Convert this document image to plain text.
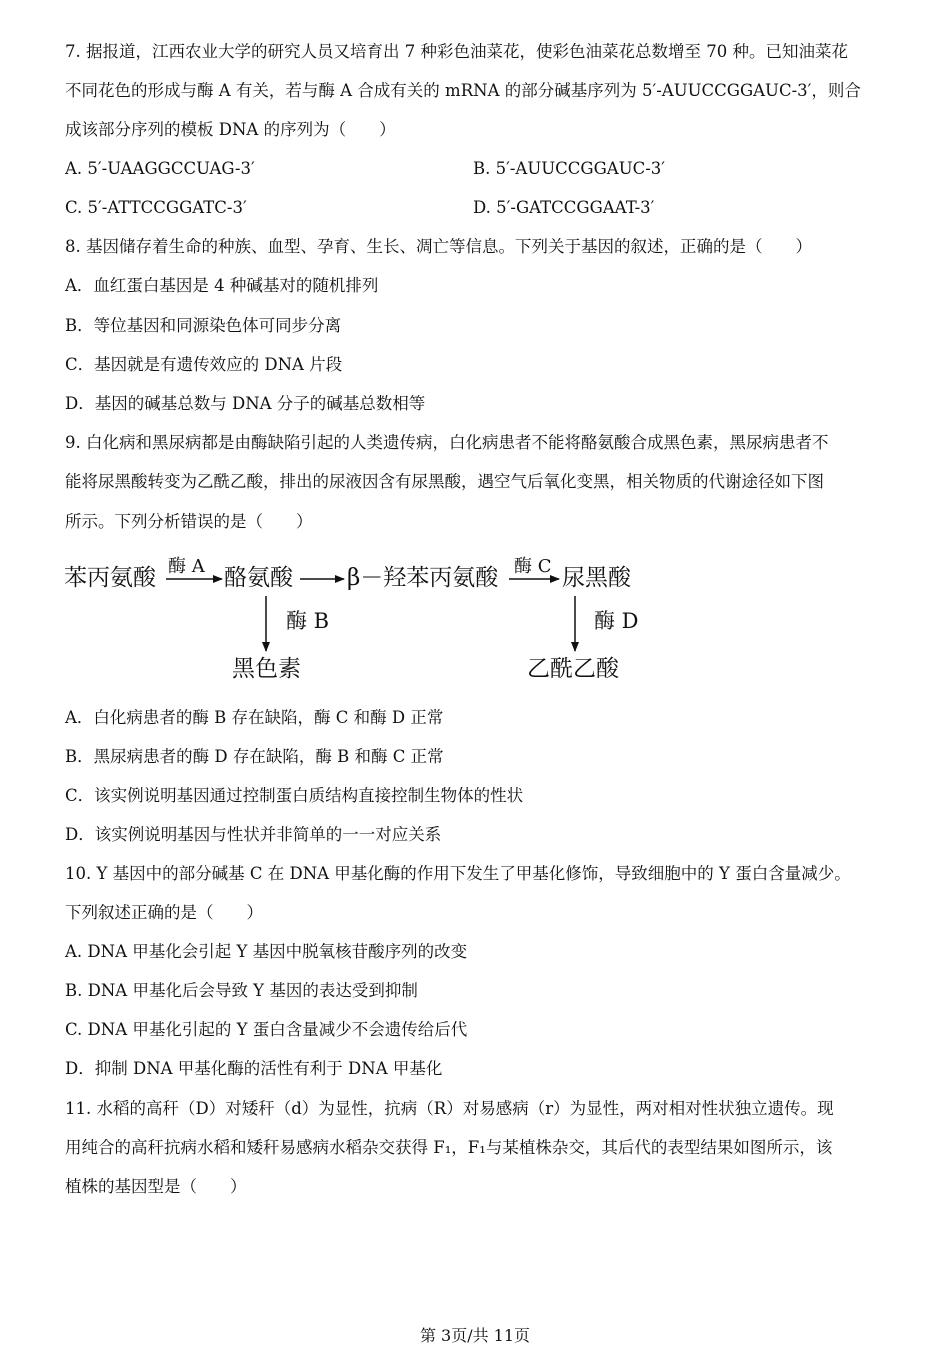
7. 据报道，江西农业大学的研究人员又培育出 7 种彩色油菜花，使彩色油菜花总数增至 70 种。已知油菜花
不同花色的形成与酶 A 有关，若与酶 A 合成有关的 mRNA 的部分碱基序列为 5′-AUUCCGGAUC-3′，则合
成该部分序列的模板 DNA 的序列为（　　）
A. 5′-UAAGGCCUAG-3′	B. 5′-AUUCCGGAUC-3′
C. 5′-ATTCCGGATC-3′	D. 5′-GATCCGGAAT-3′
8. 基因储存着生命的种族、血型、孕育、生长、凋亡等信息。下列关于基因的叙述，正确的是（　　）
A．血红蛋白基因是 4 种碱基对的随机排列
B．等位基因和同源染色体可同步分离
C．基因就是有遗传效应的 DNA 片段
D．基因的碱基总数与 DNA 分子的碱基总数相等
9. 白化病和黑尿病都是由酶缺陷引起的人类遗传病，白化病患者不能将酪氨酸合成黑色素，黑尿病患者不
能将尿黑酸转变为乙酰乙酸，排出的尿液因含有尿黑酸，遇空气后氧化变黑，相关物质的代谢途径如下图
所示。下列分析错误的是（　　）
苯丙氨酸 酶 A 酪氨酸 β－羟苯丙氨酸 酶 C 尿黑酸
酶 B
黑色素
酶 D
乙酰乙酸
A．白化病患者的酶 B 存在缺陷，酶 C 和酶 D 正常
B．黑尿病患者的酶 D 存在缺陷，酶 B 和酶 C 正常
C．该实例说明基因通过控制蛋白质结构直接控制生物体的性状
D．该实例说明基因与性状并非简单的一一对应关系
10. Y 基因中的部分碱基 C 在 DNA 甲基化酶的作用下发生了甲基化修饰，导致细胞中的 Y 蛋白含量减少。
下列叙述正确的是（　　）
A. DNA 甲基化会引起 Y 基因中脱氧核苷酸序列的改变
B. DNA 甲基化后会导致 Y 基因的表达受到抑制
C. DNA 甲基化引起的 Y 蛋白含量减少不会遗传给后代
D．抑制 DNA 甲基化酶的活性有利于 DNA 甲基化
11. 水稻的高秆（D）对矮秆（d）为显性，抗病（R）对易感病（r）为显性，两对相对性状独立遗传。现
用纯合的高秆抗病水稻和矮秆易感病水稻杂交获得 F₁，F₁与某植株杂交，其后代的表型结果如图所示，该
植株的基因型是（　　）
第 3页/共 11页
